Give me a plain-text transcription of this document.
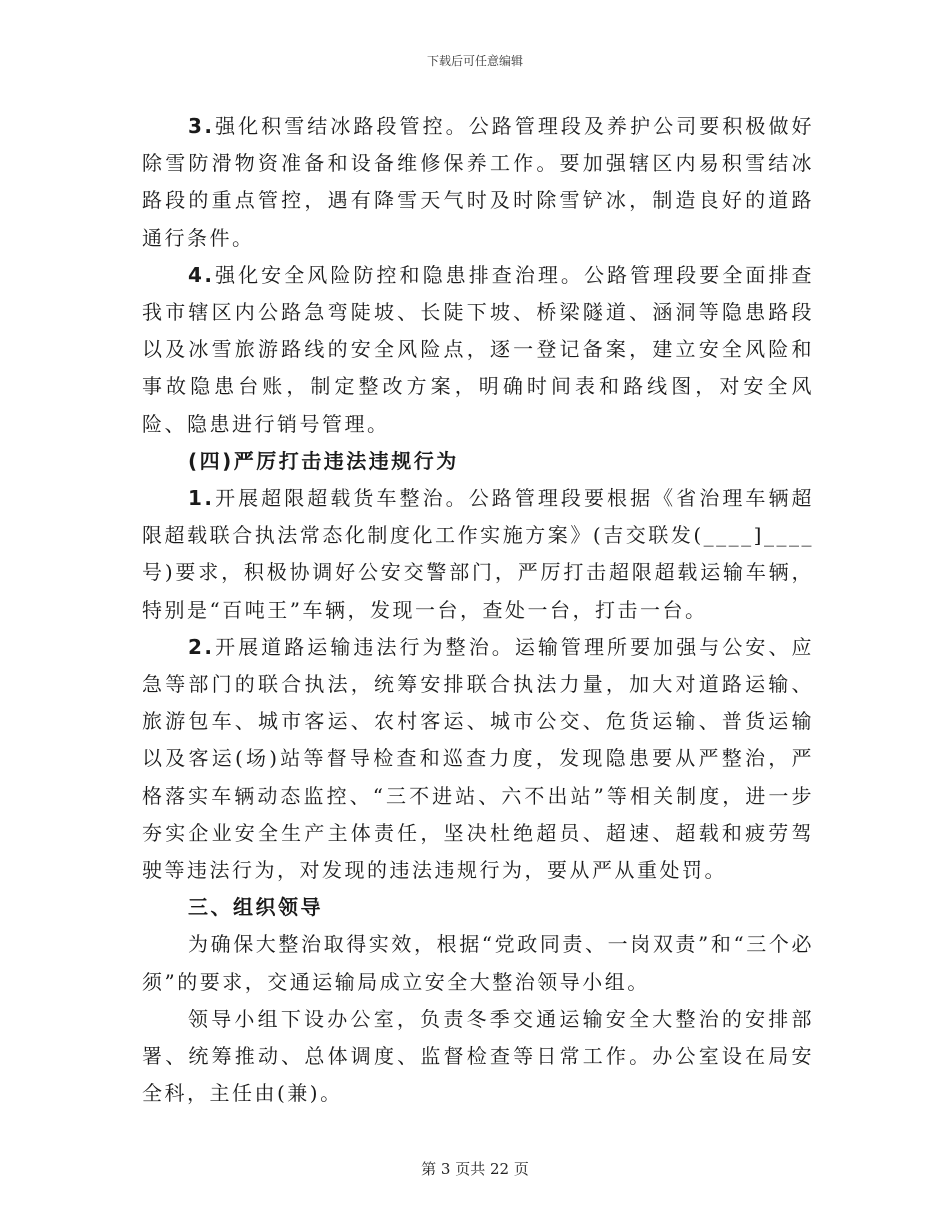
下载后可任意编辑

3.强化积雪结冰路段管控。公路管理段及养护公司要积极做好除雪防滑物资准备和设备维修保养工作。要加强辖区内易积雪结冰路段的重点管控，遇有降雪天气时及时除雪铲冰，制造良好的道路通行条件。

4.强化安全风险防控和隐患排查治理。公路管理段要全面排查我市辖区内公路急弯陡坡、长陡下坡、桥梁隧道、涵洞等隐患路段以及冰雪旅游路线的安全风险点，逐一登记备案，建立安全风险和事故隐患台账，制定整改方案，明确时间表和路线图，对安全风险、隐患进行销号管理。

(四)严厉打击违法违规行为

1.开展超限超载货车整治。公路管理段要根据《省治理车辆超限超载联合执法常态化制度化工作实施方案》(吉交联发(____]____号)要求，积极协调好公安交警部门，严厉打击超限超载运输车辆，特别是“百吨王”车辆，发现一台，查处一台，打击一台。

2.开展道路运输违法行为整治。运输管理所要加强与公安、应急等部门的联合执法，统筹安排联合执法力量，加大对道路运输、旅游包车、城市客运、农村客运、城市公交、危货运输、普货运输以及客运(场)站等督导检查和巡查力度，发现隐患要从严整治，严格落实车辆动态监控、“三不进站、六不出站”等相关制度，进一步夯实企业安全生产主体责任，坚决杜绝超员、超速、超载和疲劳驾驶等违法行为，对发现的违法违规行为，要从严从重处罚。

三、组织领导

为确保大整治取得实效，根据“党政同责、一岗双责”和“三个必须”的要求，交通运输局成立安全大整治领导小组。

领导小组下设办公室，负责冬季交通运输安全大整治的安排部署、统筹推动、总体调度、监督检查等日常工作。办公室设在局安全科，主任由(兼)。

第 3 页共 22 页
